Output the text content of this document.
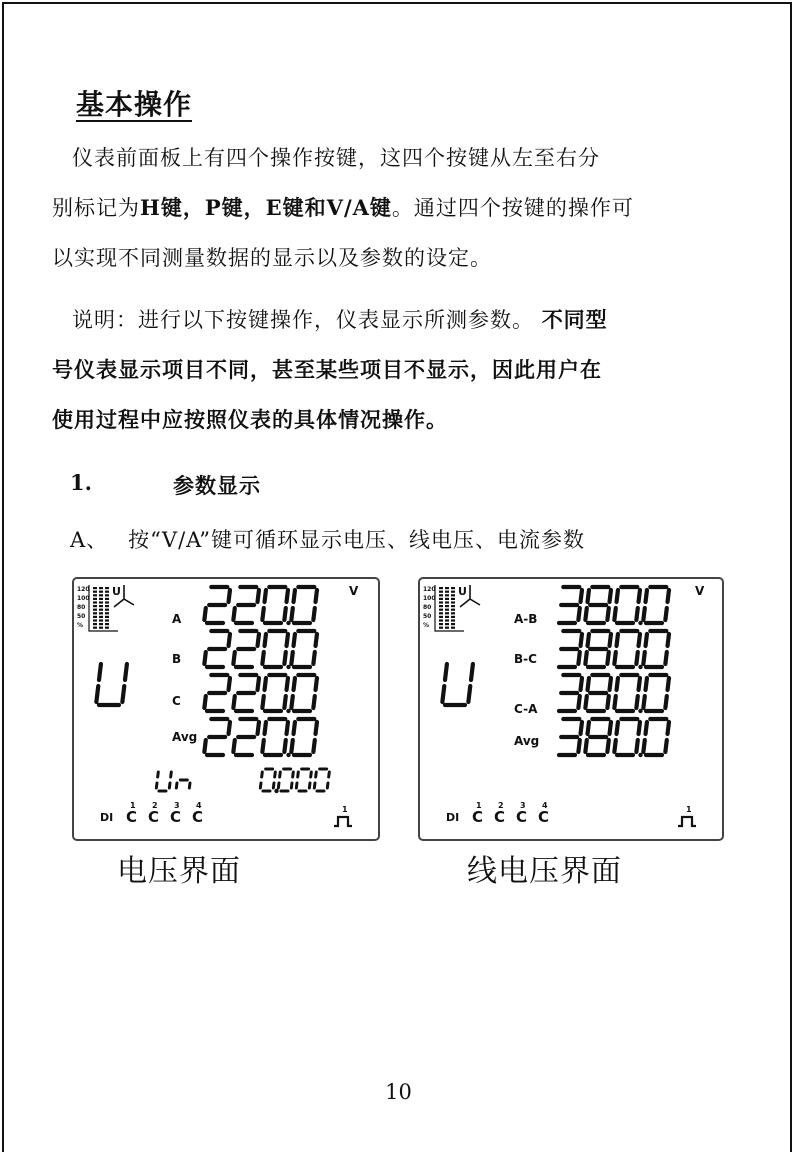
基本操作
仪表前面板上有四个操作按键，这四个按键从左至右分
别标记为H键，P键，E键和V/A键。通过四个按键的操作可
以实现不同测量数据的显示以及参数的设定。
说明：进行以下按键操作，仪表显示所测参数。 不同型
号仪表显示项目不同，甚至某些项目不显示，因此用户在
使用过程中应按照仪表的具体情况操作。
1.	参数显示
A、 按“V/A”键可循环显示电压、线电压、电流参数
120
100
80
50
%
U
A
B
C
Avg
V
DI
1
C
2
C
3
C
4
C	1
120
100
80
50
%
U
A-B
B-C
C-A
Avg
V
DI
1
C
2
C
3
C
4
C	1
电压界面	线电压界面
10
